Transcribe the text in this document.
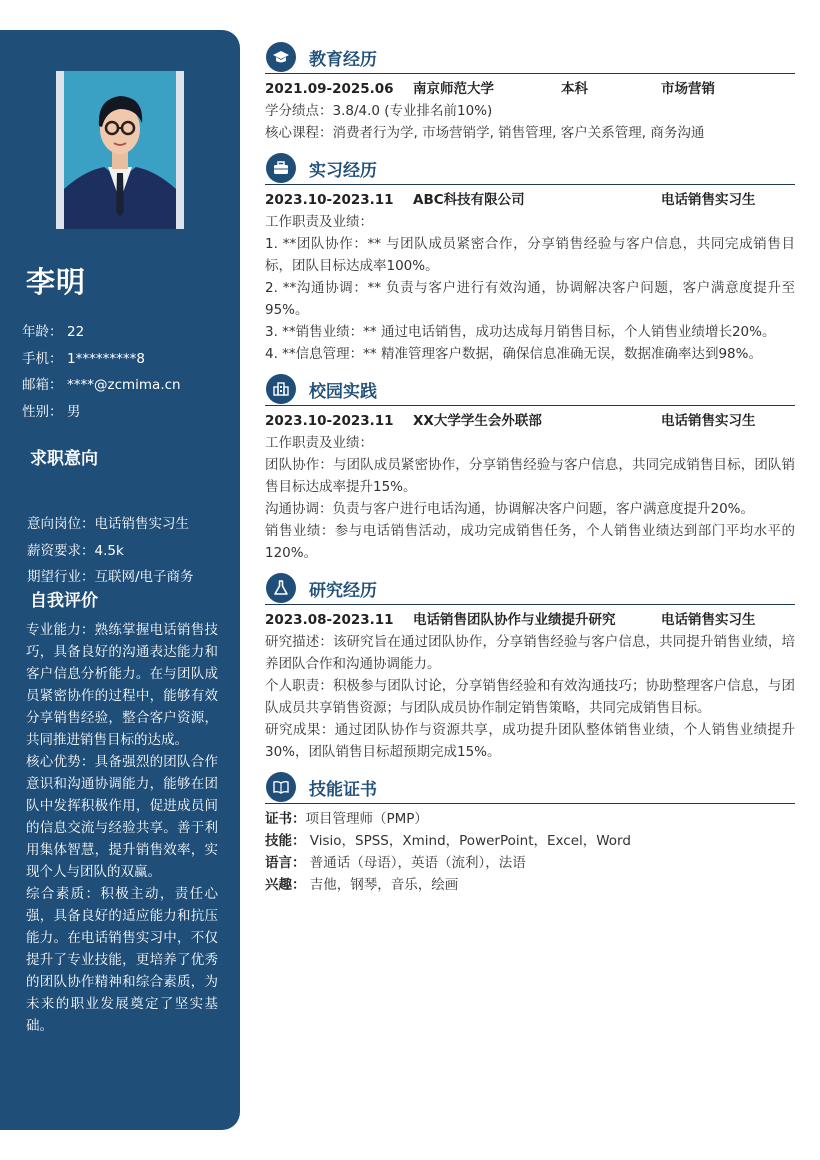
李明
年龄： 22
手机： 1*********8
邮箱： ****@zcmima.cn
性别： 男
求职意向
意向岗位：电话销售实习生
薪资要求：4.5k
期望行业：互联网/电子商务
自我评价
专业能力：熟练掌握电话销售技巧，具备良好的沟通表达能力和客户信息分析能力。在与团队成员紧密协作的过程中，能够有效分享销售经验，整合客户资源，共同推进销售目标的达成。
核心优势：具备强烈的团队合作意识和沟通协调能力，能够在团队中发挥积极作用，促进成员间的信息交流与经验共享。善于利用集体智慧，提升销售效率，实现个人与团队的双赢。
综合素质：积极主动，责任心强，具备良好的适应能力和抗压能力。在电话销售实习中，不仅提升了专业技能，更培养了优秀的团队协作精神和综合素质，为未来的职业发展奠定了坚实基础。
教育经历
2021.09-2025.06	南京师范大学	本科	市场营销
学分绩点：3.8/4.0 (专业排名前10%)
核心课程：消费者行为学, 市场营销学, 销售管理, 客户关系管理, 商务沟通
实习经历
2023.10-2023.11	ABC科技有限公司	电话销售实习生
工作职责及业绩：
1. **团队协作：** 与团队成员紧密合作，分享销售经验与客户信息，共同完成销售目标，团队目标达成率100%。
2. **沟通协调：** 负责与客户进行有效沟通，协调解决客户问题，客户满意度提升至95%。
3. **销售业绩：** 通过电话销售，成功达成每月销售目标，个人销售业绩增长20%。
4. **信息管理：** 精准管理客户数据，确保信息准确无误，数据准确率达到98%。
校园实践
2023.10-2023.11	XX大学学生会外联部	电话销售实习生
工作职责及业绩：
团队协作：与团队成员紧密协作，分享销售经验与客户信息，共同完成销售目标，团队销售目标达成率提升15%。
沟通协调：负责与客户进行电话沟通，协调解决客户问题，客户满意度提升20%。
销售业绩：参与电话销售活动，成功完成销售任务，个人销售业绩达到部门平均水平的120%。
研究经历
2023.08-2023.11	电话销售团队协作与业绩提升研究	电话销售实习生
研究描述：该研究旨在通过团队协作，分享销售经验与客户信息，共同提升销售业绩，培养团队合作和沟通协调能力。
个人职责：积极参与团队讨论，分享销售经验和有效沟通技巧；协助整理客户信息，与团队成员共享销售资源；与团队成员协作制定销售策略，共同完成销售目标。
研究成果：通过团队协作与资源共享，成功提升团队整体销售业绩，个人销售业绩提升30%，团队销售目标超预期完成15%。
技能证书
证书：项目管理师（PMP）
技能： Visio，SPSS，Xmind，PowerPoint，Excel，Word
语言： 普通话（母语），英语（流利），法语
兴趣： 吉他，钢琴，音乐，绘画
